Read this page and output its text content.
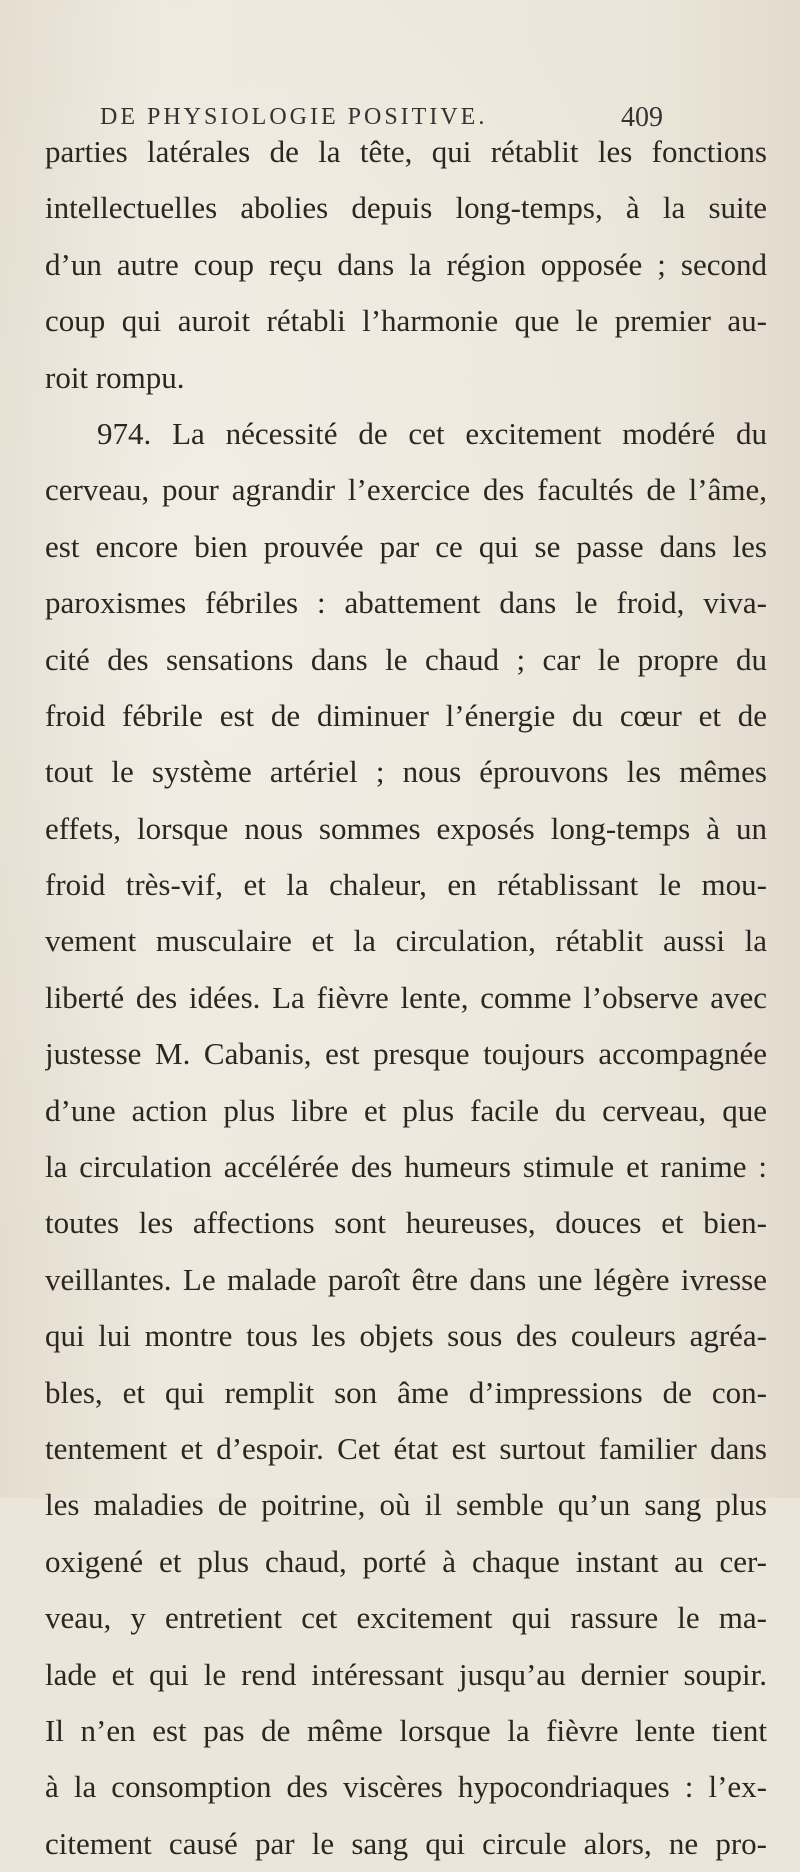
DE PHYSIOLOGIE POSITIVE.	409
parties latérales de la tête, qui rétablit les fonctions
intellectuelles abolies depuis long-temps, à la suite
d’un autre coup reçu dans la région opposée ; second
coup qui auroit rétabli l’harmonie que le premier au-
roit rompu.
974. La nécessité de cet excitement modéré du
cerveau, pour agrandir l’exercice des facultés de l’âme,
est encore bien prouvée par ce qui se passe dans les
paroxismes fébriles : abattement dans le froid, viva-
cité des sensations dans le chaud ; car le propre du
froid fébrile est de diminuer l’énergie du cœur et de
tout le système artériel ; nous éprouvons les mêmes
effets, lorsque nous sommes exposés long-temps à un
froid très-vif, et la chaleur, en rétablissant le mou-
vement musculaire et la circulation, rétablit aussi la
liberté des idées. La fièvre lente, comme l’observe avec
justesse M. Cabanis, est presque toujours accompagnée
d’une action plus libre et plus facile du cerveau, que
la circulation accélérée des humeurs stimule et ranime :
toutes les affections sont heureuses, douces et bien-
veillantes. Le malade paroît être dans une légère ivresse
qui lui montre tous les objets sous des couleurs agréa-
bles, et qui remplit son âme d’impressions de con-
tentement et d’espoir. Cet état est surtout familier dans
les maladies de poitrine, où il semble qu’un sang plus
oxigené et plus chaud, porté à chaque instant au cer-
veau, y entretient cet excitement qui rassure le ma-
lade et qui le rend intéressant jusqu’au dernier soupir.
Il n’en est pas de même lorsque la fièvre lente tient
à la consomption des viscères hypocondriaques : l’ex-
citement causé par le sang qui circule alors, ne pro-
